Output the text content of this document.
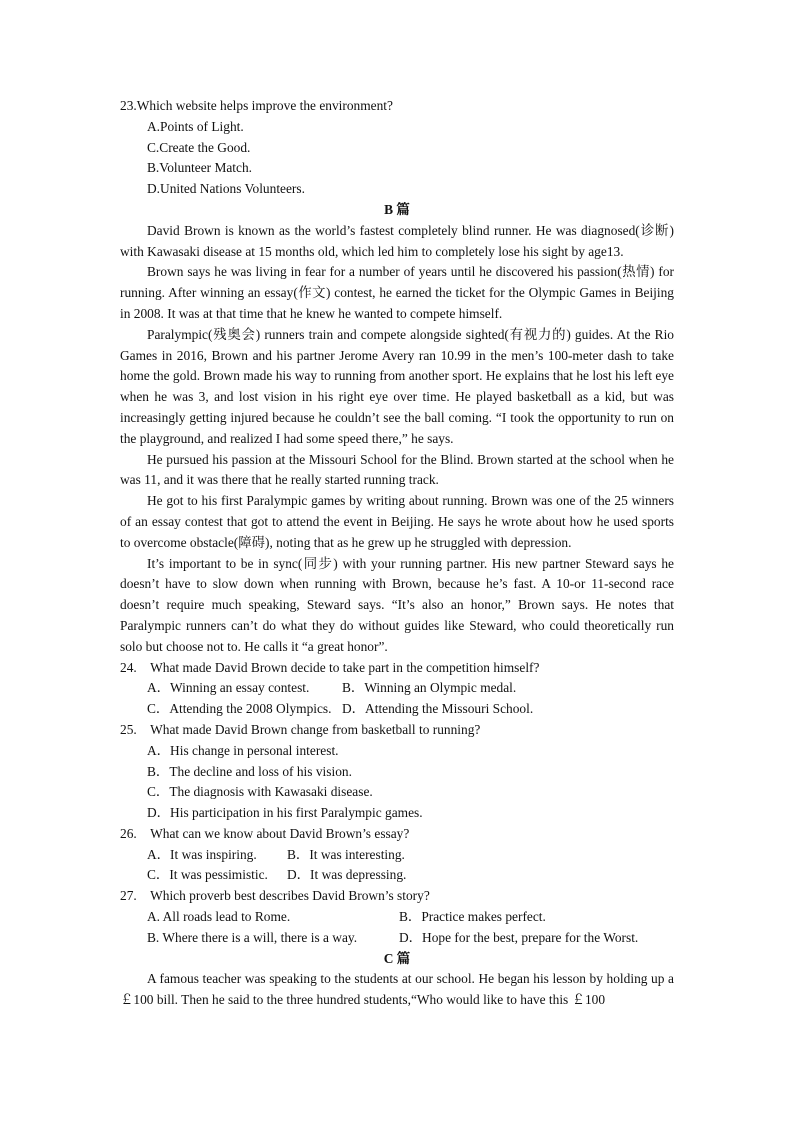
23.Which website helps improve the environment?
A.Points of Light.
C.Create the Good.
B.Volunteer Match.
D.United Nations Volunteers.
B 篇
David Brown is known as the world’s fastest completely blind runner. He was diagnosed(诊断) with Kawasaki disease at 15 months old, which led him to completely lose his sight by age13.
Brown says he was living in fear for a number of years until he discovered his passion(热情) for running. After winning an essay(作文) contest, he earned the ticket for the Olympic Games in Beijing in 2008. It was at that time that he knew he wanted to compete himself.
Paralympic(残奥会) runners train and compete alongside sighted(有视力的) guides. At the Rio Games in 2016, Brown and his partner Jerome Avery ran 10.99 in the men’s 100-meter dash to take home the gold. Brown made his way to running from another sport. He explains that he lost his left eye when he was 3, and lost vision in his right eye over time. He played basketball as a kid, but was increasingly getting injured because he couldn’t see the ball coming. “I took the opportunity to run on the playground, and realized I had some speed there,” he says.
He pursued his passion at the Missouri School for the Blind. Brown started at the school when he was 11, and it was there that he really started running track.
He got to his first Paralympic games by writing about running. Brown was one of the 25 winners of an essay contest that got to attend the event in Beijing. He says he wrote about how he used sports to overcome obstacle(障碍), noting that as he grew up he struggled with depression.
It’s important to be in sync(同步) with your running partner. His new partner Steward says he doesn’t have to slow down when running with Brown, because he’s fast. A 10-or 11-second race doesn’t require much speaking, Steward says. “It’s also an honor,” Brown says. He notes that Paralympic runners can’t do what they do without guides like Steward, who could theoretically run solo but choose not to. He calls it “a great honor”.
24. What made David Brown decide to take part in the competition himself?
A．Winning an essay contest. B．Winning an Olympic medal.
C．Attending the 2008 Olympics. D．Attending the Missouri School.
25. What made David Brown change from basketball to running?
A．His change in personal interest.
B．The decline and loss of his vision.
C．The diagnosis with Kawasaki disease.
D．His participation in his first Paralympic games.
26. What can we know about David Brown’s essay?
A．It was inspiring. B．It was interesting.
C．It was pessimistic. D．It was depressing.
27. Which proverb best describes David Brown’s story?
A. All roads lead to Rome.	B．Practice makes perfect.
B. Where there is a will, there is a way.	D．Hope for the best, prepare for the Worst.
C 篇
A famous teacher was speaking to the students at our school. He began his lesson by holding up a ￡100 bill. Then he said to the three hundred students,“Who would like to have this ￡100
